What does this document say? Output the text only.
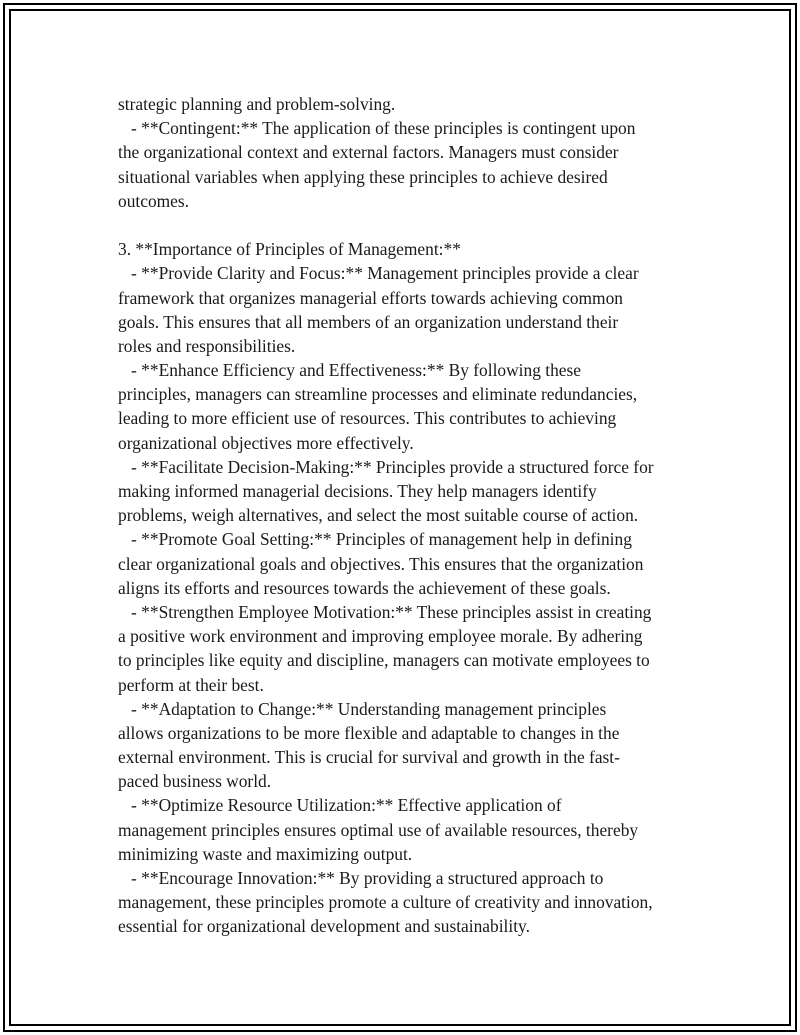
strategic planning and problem-solving.
- **Contingent:** The application of these principles is contingent upon
the organizational context and external factors. Managers must consider
situational variables when applying these principles to achieve desired
outcomes.
3. **Importance of Principles of Management:**
- **Provide Clarity and Focus:** Management principles provide a clear
framework that organizes managerial efforts towards achieving common
goals. This ensures that all members of an organization understand their
roles and responsibilities.
- **Enhance Efficiency and Effectiveness:** By following these
principles, managers can streamline processes and eliminate redundancies,
leading to more efficient use of resources. This contributes to achieving
organizational objectives more effectively.
- **Facilitate Decision-Making:** Principles provide a structured force for
making informed managerial decisions. They help managers identify
problems, weigh alternatives, and select the most suitable course of action.
- **Promote Goal Setting:** Principles of management help in defining
clear organizational goals and objectives. This ensures that the organization
aligns its efforts and resources towards the achievement of these goals.
- **Strengthen Employee Motivation:** These principles assist in creating
a positive work environment and improving employee morale. By adhering
to principles like equity and discipline, managers can motivate employees to
perform at their best.
- **Adaptation to Change:** Understanding management principles
allows organizations to be more flexible and adaptable to changes in the
external environment. This is crucial for survival and growth in the fast-
paced business world.
- **Optimize Resource Utilization:** Effective application of
management principles ensures optimal use of available resources, thereby
minimizing waste and maximizing output.
- **Encourage Innovation:** By providing a structured approach to
management, these principles promote a culture of creativity and innovation,
essential for organizational development and sustainability.
